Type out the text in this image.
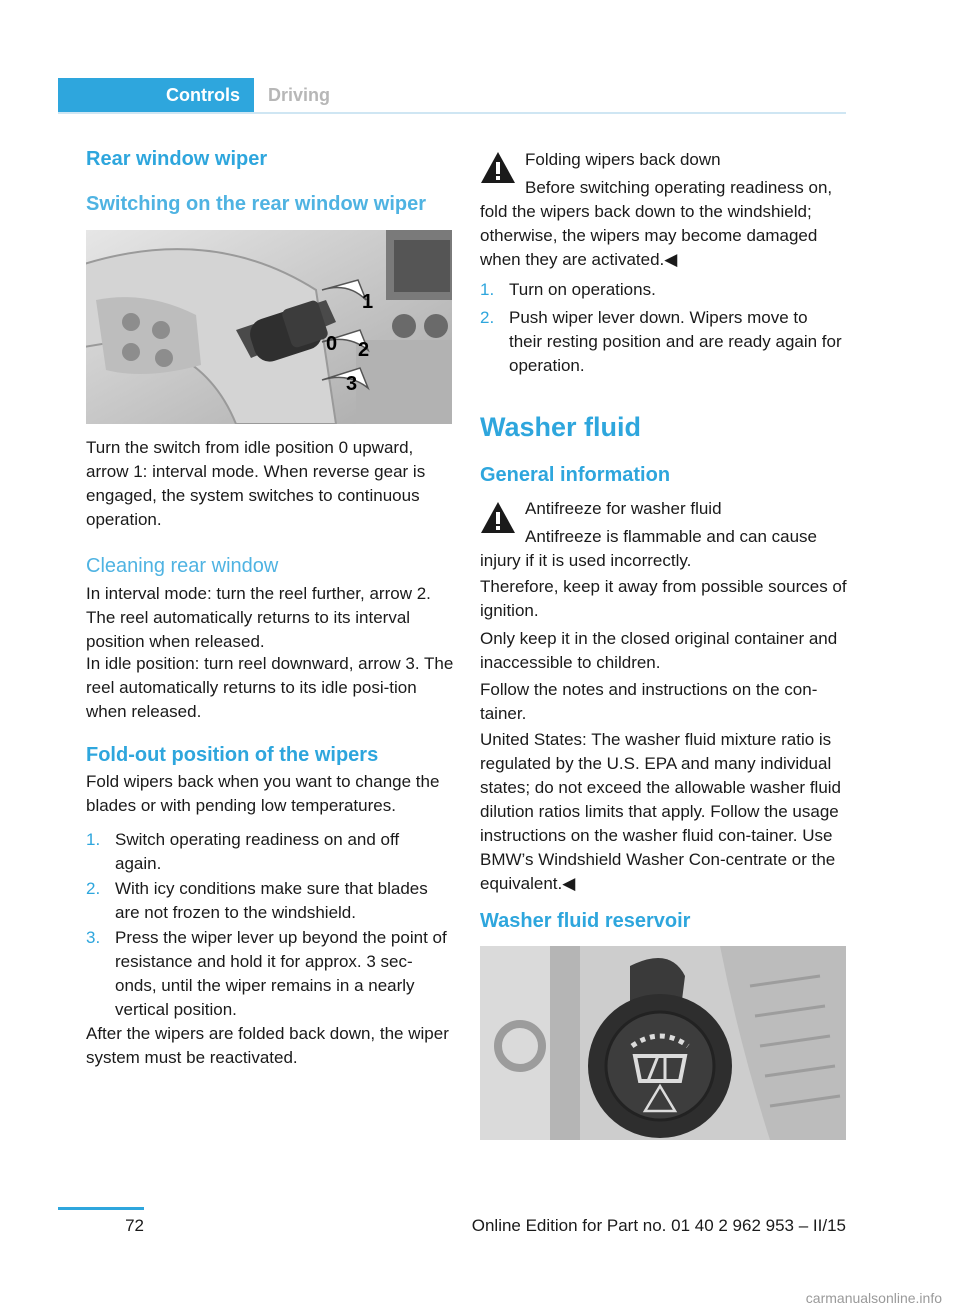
Controls	Driving
Rear window wiper
Switching on the rear window wiper
1
0 2
3
Turn the switch from idle position 0 upward, arrow 1: interval mode. When reverse gear is engaged, the system switches to continuous operation.
Cleaning rear window
In interval mode: turn the reel further, arrow 2. The reel automatically returns to its interval position when released.
In idle position: turn reel downward, arrow 3. The reel automatically returns to its idle posi-tion when released.
Fold-out position of the wipers
Fold wipers back when you want to change the blades or with pending low temperatures.
1. Switch operating readiness on and off again.
2. With icy conditions make sure that blades are not frozen to the windshield.
3. Press the wiper lever up beyond the point of resistance and hold it for approx. 3 sec-onds, until the wiper remains in a nearly vertical position.
After the wipers are folded back down, the wiper system must be reactivated.
Folding wipers back down
Before switching operating readiness on,
fold the wipers back down to the windshield; otherwise, the wipers may become damaged when they are activated.◀
1. Turn on operations.
2. Push wiper lever down. Wipers move to their resting position and are ready again for operation.
Washer fluid
General information
Antifreeze for washer fluid
Antifreeze is flammable and can cause
injury if it is used incorrectly.
Therefore, keep it away from possible sources of ignition.
Only keep it in the closed original container and inaccessible to children.
Follow the notes and instructions on the con-tainer.
United States: The washer fluid mixture ratio is regulated by the U.S. EPA and many individual states; do not exceed the allowable washer fluid dilution ratios limits that apply. Follow the usage instructions on the washer fluid con-tainer. Use BMW’s Windshield Washer Con-centrate or the equivalent.◀
Washer fluid reservoir
72	Online Edition for Part no. 01 40 2 962 953 – II/15
carmanualsonline.info
